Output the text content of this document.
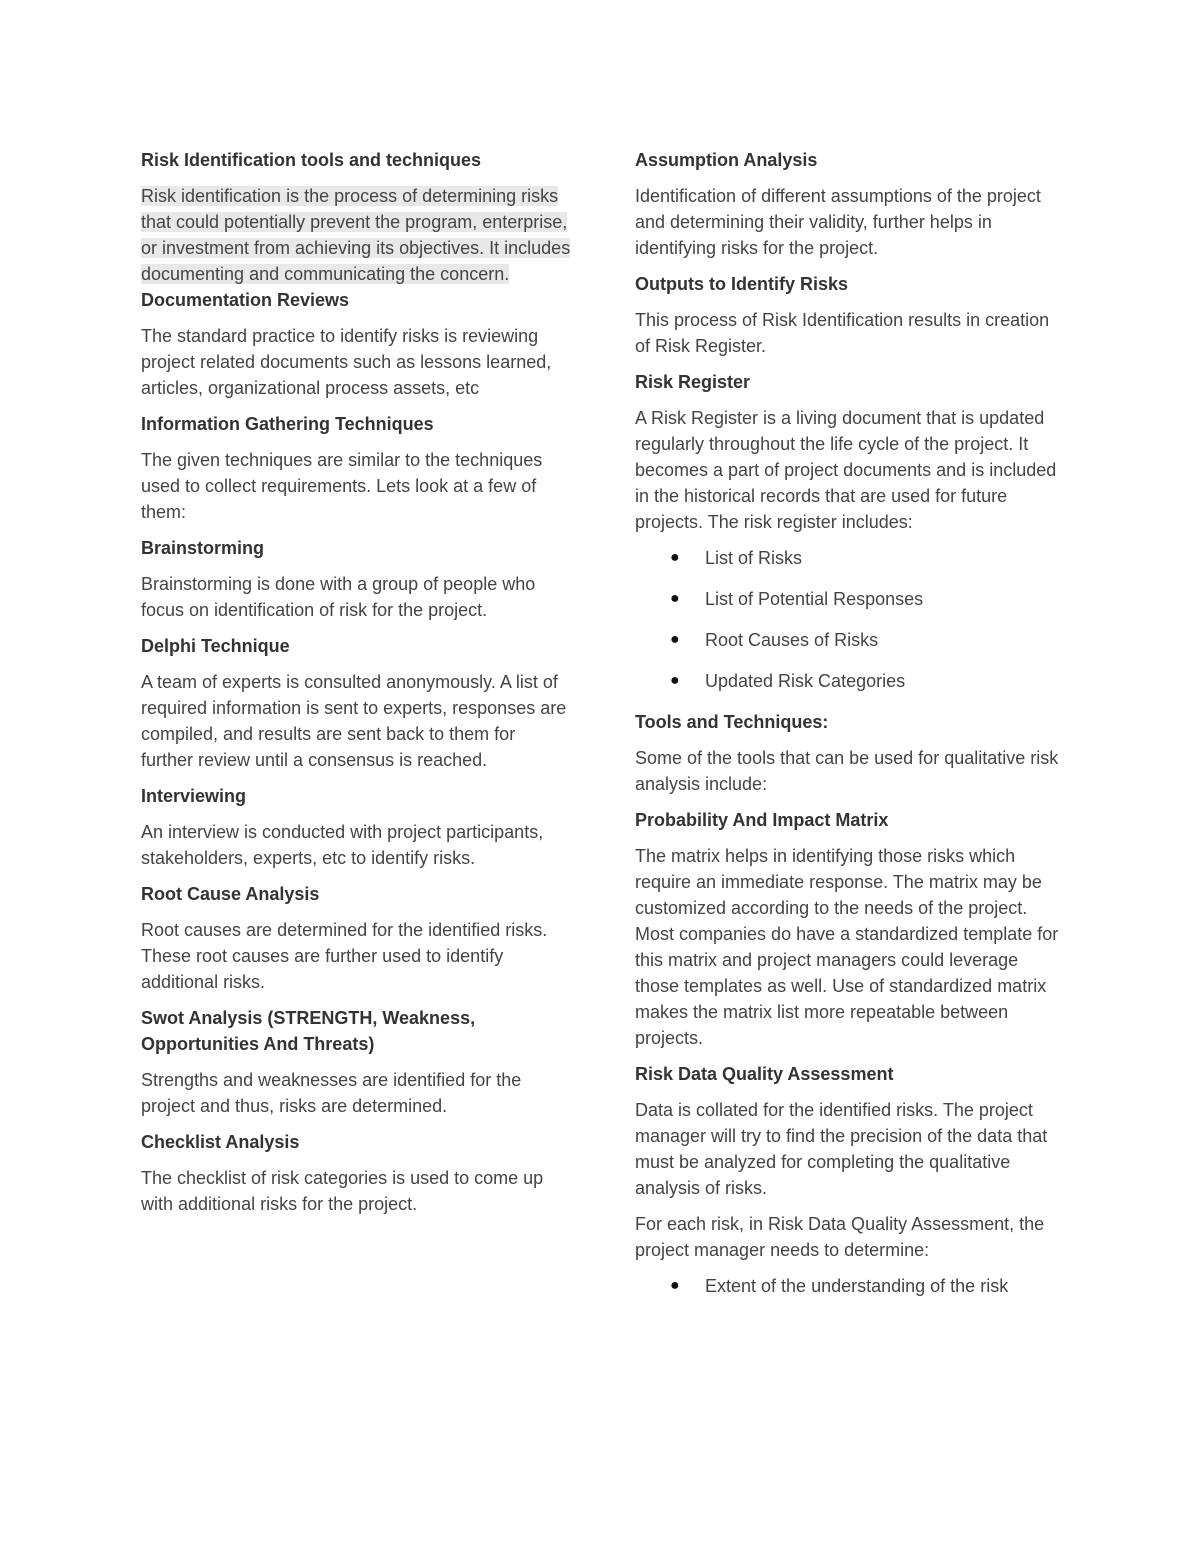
Risk Identification tools and techniques

Risk identification is the process of determining risks that could potentially prevent the program, enterprise, or investment from achieving its objectives. It includes documenting and communicating the concern.

Documentation Reviews

The standard practice to identify risks is reviewing project related documents such as lessons learned, articles, organizational process assets, etc

Information Gathering Techniques

The given techniques are similar to the techniques used to collect requirements. Lets look at a few of them:

Brainstorming

Brainstorming is done with a group of people who focus on identification of risk for the project.

Delphi Technique

A team of experts is consulted anonymously. A list of required information is sent to experts, responses are compiled, and results are sent back to them for further review until a consensus is reached.

Interviewing

An interview is conducted with project participants, stakeholders, experts, etc to identify risks.

Root Cause Analysis

Root causes are determined for the identified risks. These root causes are further used to identify additional risks.

Swot Analysis (STRENGTH, Weakness, Opportunities And Threats)

Strengths and weaknesses are identified for the project and thus, risks are determined.

Checklist Analysis

The checklist of risk categories is used to come up with additional risks for the project.

Assumption Analysis

Identification of different assumptions of the project and determining their validity, further helps in identifying risks for the project.

Outputs to Identify Risks

This process of Risk Identification results in creation of Risk Register.

Risk Register

A Risk Register is a living document that is updated regularly throughout the life cycle of the project. It becomes a part of project documents and is included in the historical records that are used for future projects. The risk register includes:

● List of Risks
● List of Potential Responses
● Root Causes of Risks
● Updated Risk Categories
Tools and Techniques:

Some of the tools that can be used for qualitative risk analysis include:

Probability And Impact Matrix

The matrix helps in identifying those risks which require an immediate response. The matrix may be customized according to the needs of the project. Most companies do have a standardized template for this matrix and project managers could leverage those templates as well. Use of standardized matrix makes the matrix list more repeatable between projects.

Risk Data Quality Assessment

Data is collated for the identified risks. The project manager will try to find the precision of the data that must be analyzed for completing the qualitative analysis of risks.

For each risk, in Risk Data Quality Assessment, the project manager needs to determine:

● Extent of the understanding of the risk
